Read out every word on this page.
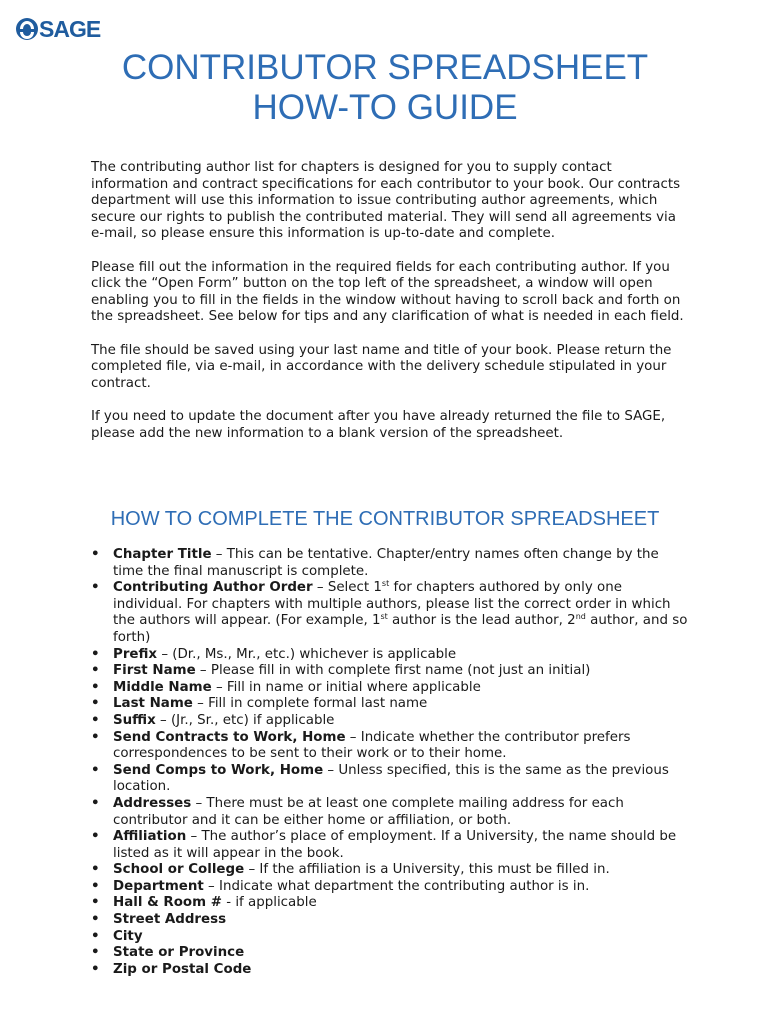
SAGE
CONTRIBUTOR SPREADSHEET
HOW-TO GUIDE

The contributing author list for chapters is designed for you to supply contact information and contract specifications for each contributor to your book. Our contracts department will use this information to issue contributing author agreements, which secure our rights to publish the contributed material. They will send all agreements via e-mail, so please ensure this information is up-to-date and complete.

Please fill out the information in the required fields for each contributing author. If you click the “Open Form” button on the top left of the spreadsheet, a window will open enabling you to fill in the fields in the window without having to scroll back and forth on the spreadsheet. See below for tips and any clarification of what is needed in each field.

The file should be saved using your last name and title of your book. Please return the completed file, via e-mail, in accordance with the delivery schedule stipulated in your contract.

If you need to update the document after you have already returned the file to SAGE, please add the new information to a blank version of the spreadsheet.

HOW TO COMPLETE THE CONTRIBUTOR SPREADSHEET
• Chapter Title – This can be tentative. Chapter/entry names often change by the time the final manuscript is complete.
• Contributing Author Order – Select 1st for chapters authored by only one individual. For chapters with multiple authors, please list the correct order in which the authors will appear. (For example, 1st author is the lead author, 2nd author, and so forth)
• Prefix – (Dr., Ms., Mr., etc.) whichever is applicable
• First Name – Please fill in with complete first name (not just an initial)
• Middle Name – Fill in name or initial where applicable
• Last Name – Fill in complete formal last name
• Suffix – (Jr., Sr., etc) if applicable
• Send Contracts to Work, Home – Indicate whether the contributor prefers correspondences to be sent to their work or to their home.
• Send Comps to Work, Home – Unless specified, this is the same as the previous location.
• Addresses – There must be at least one complete mailing address for each contributor and it can be either home or affiliation, or both.
• Affiliation – The author’s place of employment. If a University, the name should be listed as it will appear in the book.
• School or College – If the affiliation is a University, this must be filled in.
• Department – Indicate what department the contributing author is in.
• Hall & Room # - if applicable
• Street Address
• City
• State or Province
• Zip or Postal Code
